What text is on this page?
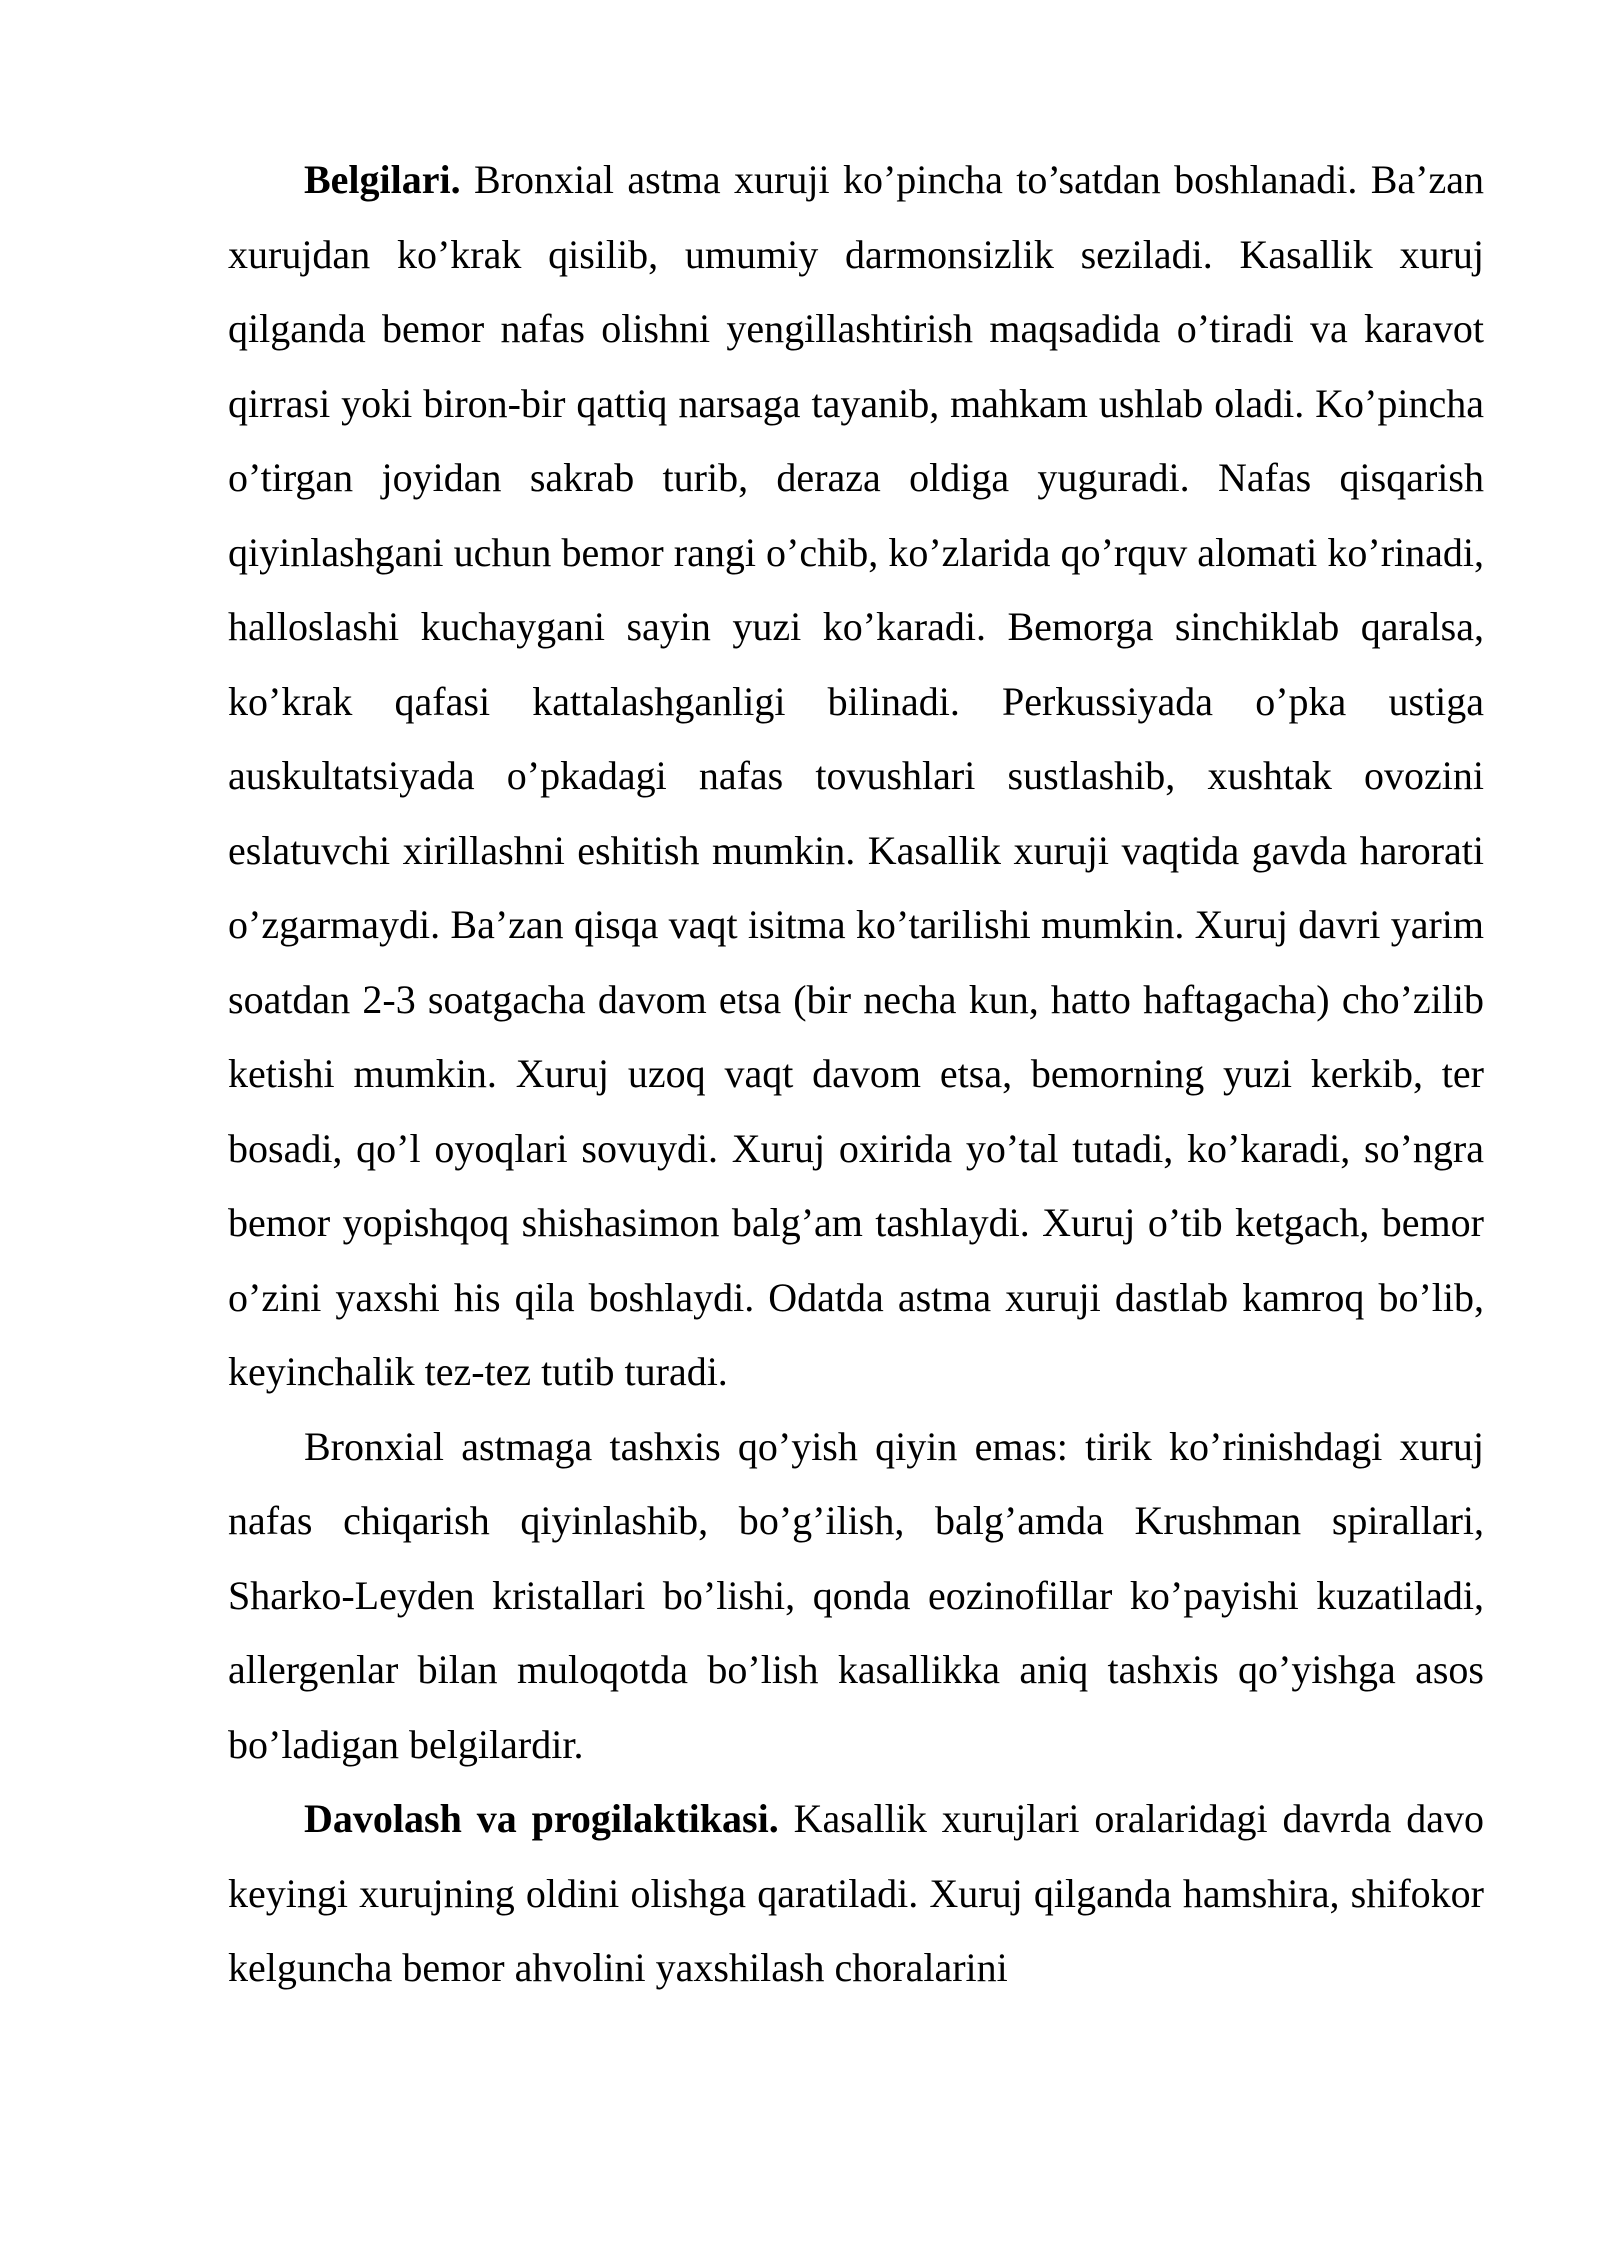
Belgilari. Bronxial astma xuruji ko’pincha to’satdan boshlanadi. Ba’zan xurujdan ko’krak qisilib, umumiy darmonsizlik seziladi. Kasallik xuruj qilganda bemor nafas olishni yengillashtirish maqsadida o’tiradi va karavot qirrasi yoki biron-bir qattiq narsaga tayanib, mahkam ushlab oladi. Ko’pincha o’tirgan joyidan sakrab turib, deraza oldiga yuguradi. Nafas qisqarish qiyinlashgani uchun bemor rangi o’chib, ko’zlarida qo’rquv alomati ko’rinadi, halloslashi kuchaygani sayin yuzi ko’karadi. Bemorga sinchiklab qaralsa, ko’krak qafasi kattalashganligi bilinadi. Perkussiyada o’pka ustiga auskultatsiyada o’pkadagi nafas tovushlari sustlashib, xushtak ovozini eslatuvchi xirillashni eshitish mumkin. Kasallik xuruji vaqtida gavda harorati o’zgarmaydi. Ba’zan qisqa vaqt isitma ko’tarilishi mumkin. Xuruj davri yarim soatdan 2-3 soatgacha davom etsa (bir necha kun, hatto haftagacha) cho’zilib ketishi mumkin. Xuruj uzoq vaqt davom etsa, bemorning yuzi kerkib, ter bosadi, qo’l oyoqlari sovuydi. Xuruj oxirida yo’tal tutadi, ko’karadi, so’ngra bemor yopishqoq shishasimon balg’am tashlaydi. Xuruj o’tib ketgach, bemor o’zini yaxshi his qila boshlaydi. Odatda astma xuruji dastlab kamroq bo’lib, keyinchalik tez-tez tutib turadi.

Bronxial astmaga tashxis qo’yish qiyin emas: tirik ko’rinishdagi xuruj nafas chiqarish qiyinlashib, bo’g’ilish, balg’amda Krushman spirallari, Sharko-Leyden kristallari bo’lishi, qonda eozinofillar ko’payishi kuzatiladi, allergenlar bilan muloqotda bo’lish kasallikka aniq tashxis qo’yishga asos bo’ladigan belgilardir.

Davolash va progilaktikasi. Kasallik xurujlari oralaridagi davrda davo keyingi xurujning oldini olishga qaratiladi. Xuruj qilganda hamshira, shifokor kelguncha bemor ahvolini yaxshilash choralarini
